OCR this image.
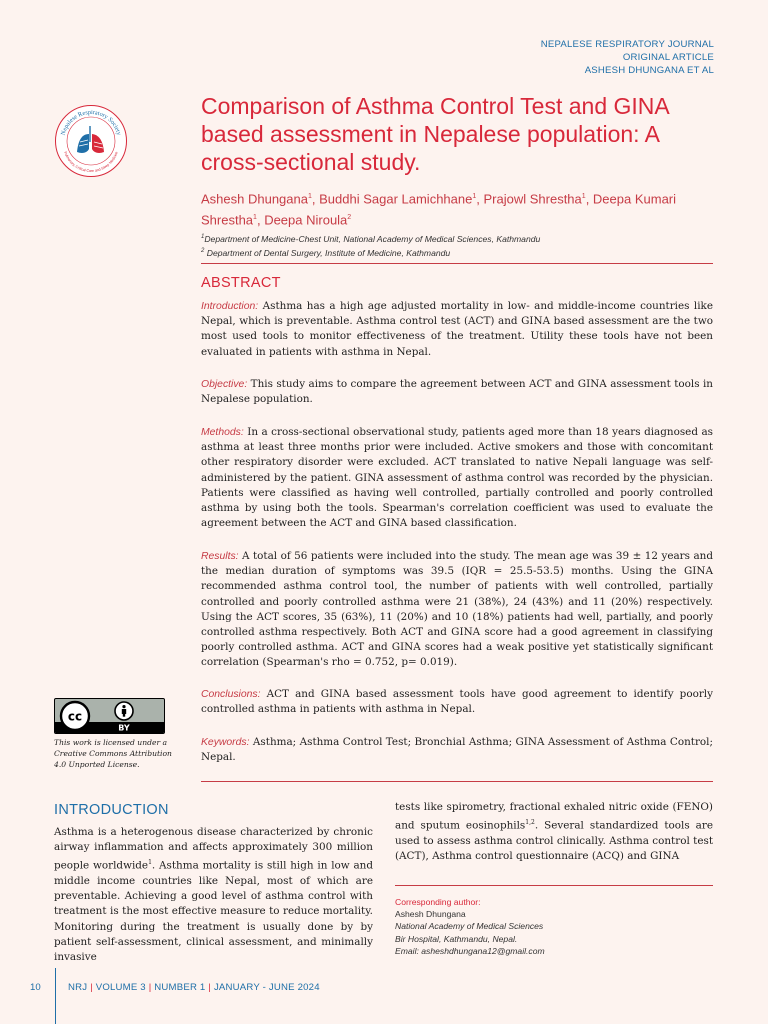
NEPALESE RESPIRATORY JOURNAL
ORIGINAL ARTICLE
ASHESH DHUNGANA ET AL
Nepalese Respiratory Society
Pulmonary, Critical Care and Sleep Medicine
Comparison of Asthma Control Test and GINA based assessment in Nepalese population: A cross-sectional study.
Ashesh Dhungana$^1$, Buddhi Sagar Lamichhane$^1$, Prajowl Shrestha$^1$, Deepa Kumari Shrestha$^1$, Deepa Niroula$^2$
$^1$Department of Medicine-Chest Unit, National Academy of Medical Sciences, Kathmandu
$^2$ Department of Dental Surgery, Institute of Medicine, Kathmandu
ABSTRACT

Introduction: Asthma has a high age adjusted mortality in low- and middle-income countries like Nepal, which is preventable. Asthma control test (ACT) and GINA based assessment are the two most used tools to monitor effectiveness of the treatment. Utility these tools have not been evaluated in patients with asthma in Nepal.

Objective: This study aims to compare the agreement between ACT and GINA assessment tools in Nepalese population.

Methods: In a cross-sectional observational study, patients aged more than 18 years diagnosed as asthma at least three months prior were included. Active smokers and those with concomitant other respiratory disorder were excluded. ACT translated to native Nepali language was self-administered by the patient. GINA assessment of asthma control was recorded by the physician. Patients were classified as having well controlled, partially controlled and poorly controlled asthma by using both the tools. Spearman's correlation coefficient was used to evaluate the agreement between the ACT and GINA based classification.

Results: A total of 56 patients were included into the study. The mean age was 39 ± 12 years and the median duration of symptoms was 39.5 (IQR = 25.5-53.5) months. Using the GINA recommended asthma control tool, the number of patients with well controlled, partially controlled and poorly controlled asthma were 21 (38%), 24 (43%) and 11 (20%) respectively. Using the ACT scores, 35 (63%), 11 (20%) and 10 (18%) patients had well, partially, and poorly controlled asthma respectively. Both ACT and GINA score had a good agreement in classifying poorly controlled asthma. ACT and GINA scores had a weak positive yet statistically significant correlation (Spearman's rho = 0.752, p= 0.019).

Conclusions: ACT and GINA based assessment tools have good agreement to identify poorly controlled asthma in patients with asthma in Nepal.

Keywords: Asthma; Asthma Control Test; Bronchial Asthma; GINA Assessment of Asthma Control; Nepal.

cc
BY
This work is licensed under a Creative Commons Attribution 4.0 Unported License.
INTRODUCTION

Asthma is a heterogenous disease characterized by chronic airway inflammation and affects approximately 300 million people worldwide$^1$. Asthma mortality is still high in low and middle income countries like Nepal, most of which are preventable. Achieving a good level of asthma control with treatment is the most effective measure to reduce mortality. Monitoring during the treatment is usually done by by patient self-assessment, clinical assessment, and minimally invasive

tests like spirometry, fractional exhaled nitric oxide (FENO) and sputum eosinophils$^{1,2}$. Several standardized tools are used to assess asthma control clinically. Asthma control test (ACT), Asthma control questionnaire (ACQ) and GINA

Corresponding author:
Ashesh Dhungana
National Academy of Medical Sciences
Bir Hospital, Kathmandu, Nepal.
Email: asheshdhungana12@gmail.com
10	NRJ | VOLUME 3 | NUMBER 1 | JANUARY - JUNE 2024
